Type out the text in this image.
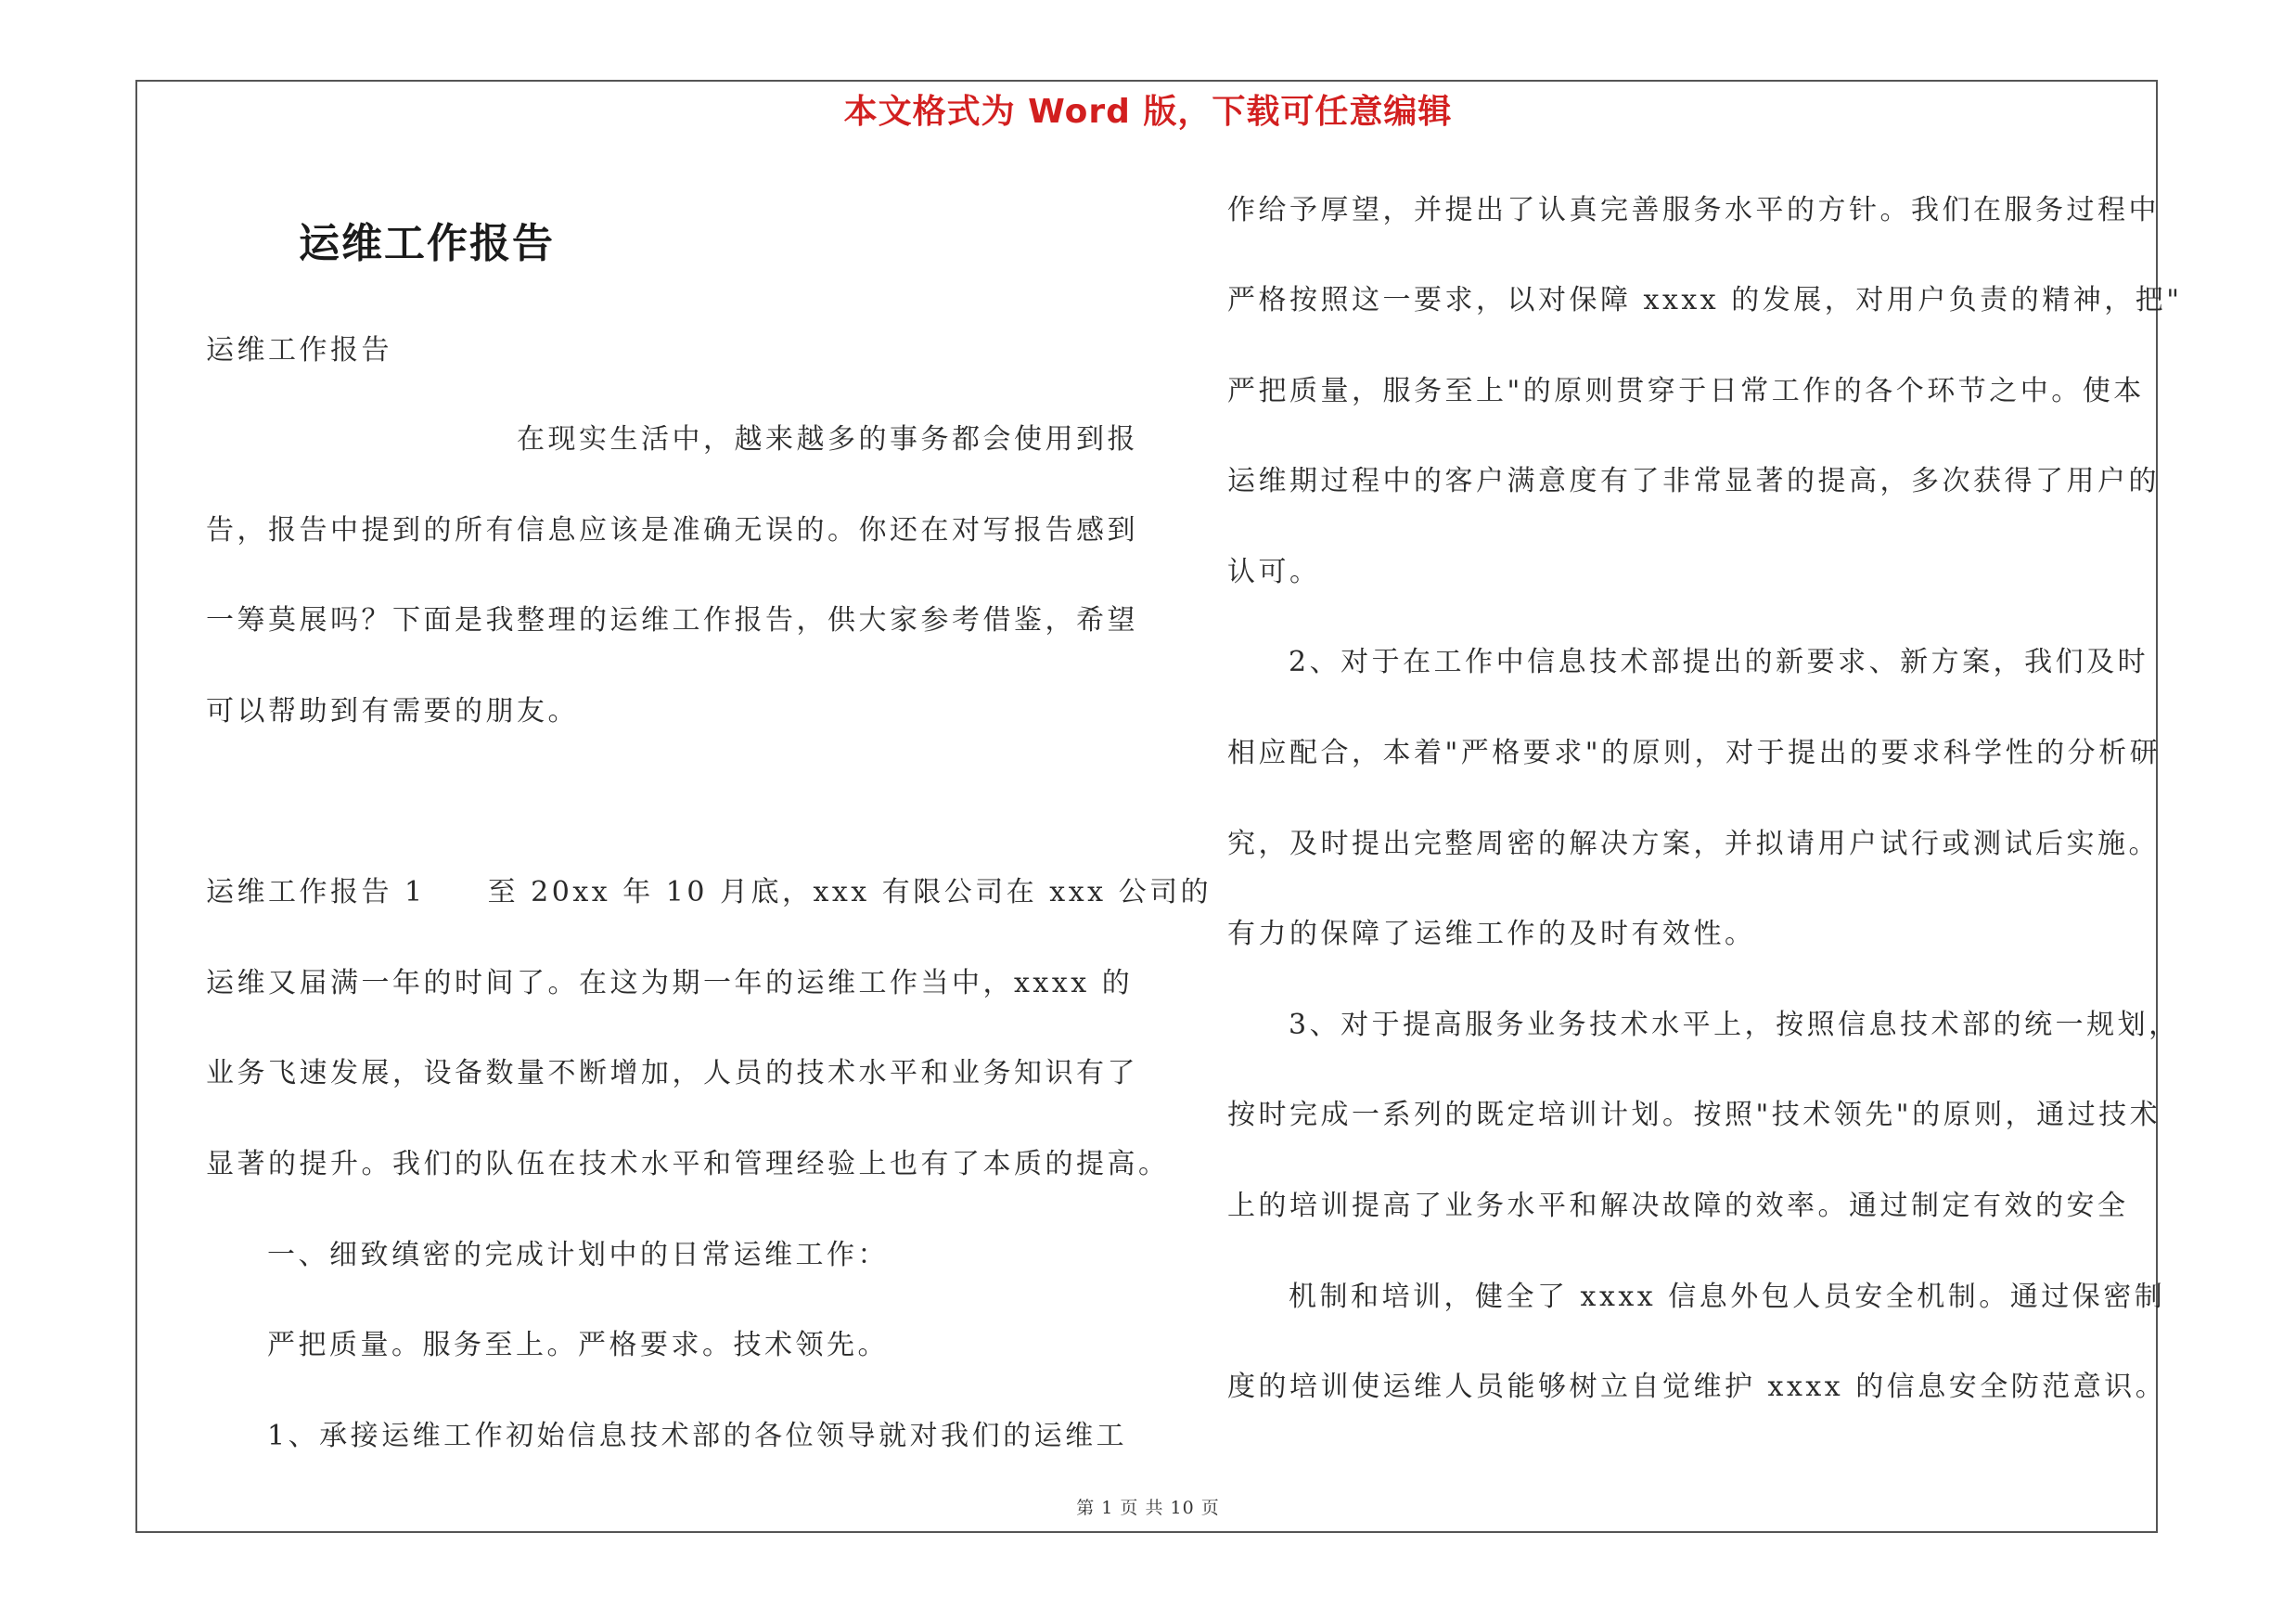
本文格式为 Word 版，下载可任意编辑
运维工作报告
运维工作报告
在现实生活中，越来越多的事务都会使用到报
告，报告中提到的所有信息应该是准确无误的。你还在对写报告感到
一筹莫展吗？下面是我整理的运维工作报告，供大家参考借鉴，希望
可以帮助到有需要的朋友。
运维工作报告 1　　至 20xx 年 10 月底，xxx 有限公司在 xxx 公司的
运维又届满一年的时间了。在这为期一年的运维工作当中，xxxx 的
业务飞速发展，设备数量不断增加，人员的技术水平和业务知识有了
显著的提升。我们的队伍在技术水平和管理经验上也有了本质的提高。
一、细致缜密的完成计划中的日常运维工作：
严把质量。服务至上。严格要求。技术领先。
1、承接运维工作初始信息技术部的各位领导就对我们的运维工
作给予厚望，并提出了认真完善服务水平的方针。我们在服务过程中
严格按照这一要求，以对保障 xxxx 的发展，对用户负责的精神，把"
严把质量，服务至上"的原则贯穿于日常工作的各个环节之中。使本
运维期过程中的客户满意度有了非常显著的提高，多次获得了用户的
认可。
2、对于在工作中信息技术部提出的新要求、新方案，我们及时
相应配合，本着"严格要求"的原则，对于提出的要求科学性的分析研
究，及时提出完整周密的解决方案，并拟请用户试行或测试后实施。
有力的保障了运维工作的及时有效性。
3、对于提高服务业务技术水平上，按照信息技术部的统一规划，
按时完成一系列的既定培训计划。按照"技术领先"的原则，通过技术
上的培训提高了业务水平和解决故障的效率。通过制定有效的安全
机制和培训，健全了 xxxx 信息外包人员安全机制。通过保密制
度的培训使运维人员能够树立自觉维护 xxxx 的信息安全防范意识。
第 1 页 共 10 页
